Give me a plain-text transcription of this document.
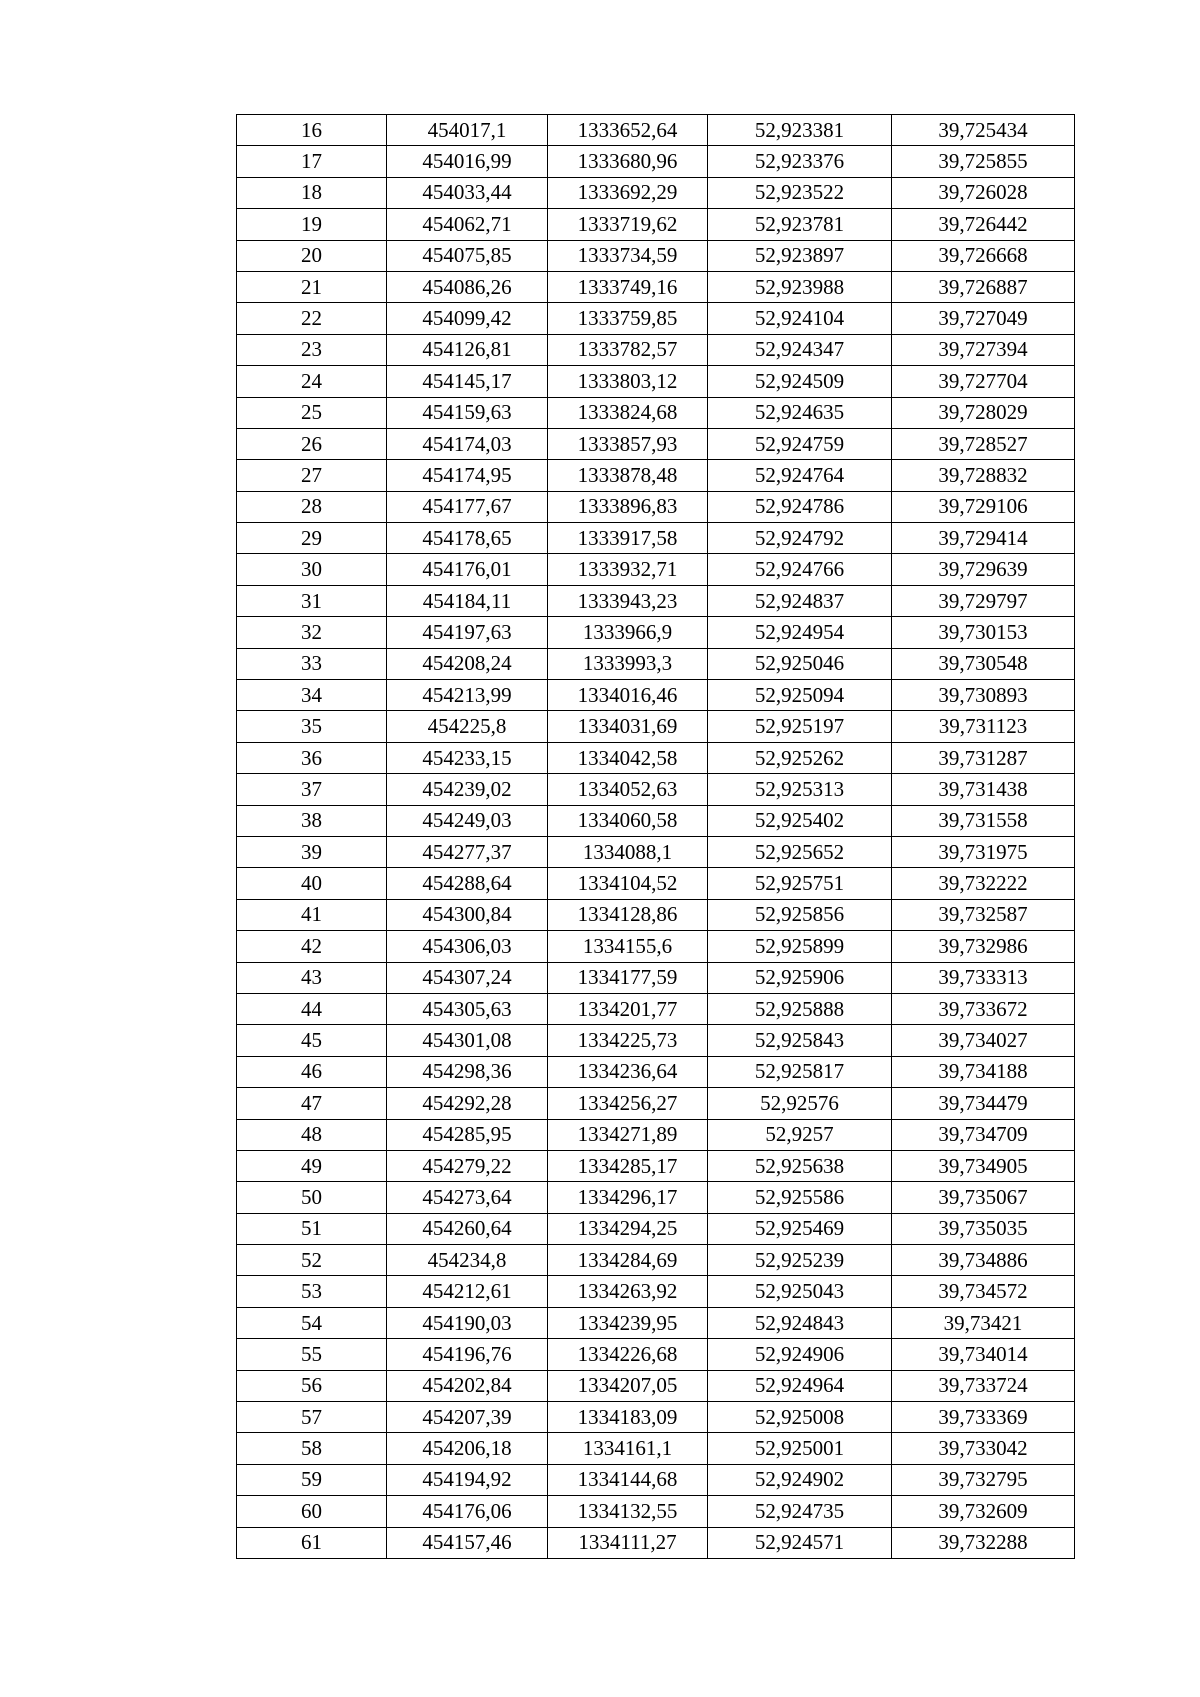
16	454017,1	1333652,64	52,923381	39,725434
17	454016,99	1333680,96	52,923376	39,725855
18	454033,44	1333692,29	52,923522	39,726028
19	454062,71	1333719,62	52,923781	39,726442
20	454075,85	1333734,59	52,923897	39,726668
21	454086,26	1333749,16	52,923988	39,726887
22	454099,42	1333759,85	52,924104	39,727049
23	454126,81	1333782,57	52,924347	39,727394
24	454145,17	1333803,12	52,924509	39,727704
25	454159,63	1333824,68	52,924635	39,728029
26	454174,03	1333857,93	52,924759	39,728527
27	454174,95	1333878,48	52,924764	39,728832
28	454177,67	1333896,83	52,924786	39,729106
29	454178,65	1333917,58	52,924792	39,729414
30	454176,01	1333932,71	52,924766	39,729639
31	454184,11	1333943,23	52,924837	39,729797
32	454197,63	1333966,9	52,924954	39,730153
33	454208,24	1333993,3	52,925046	39,730548
34	454213,99	1334016,46	52,925094	39,730893
35	454225,8	1334031,69	52,925197	39,731123
36	454233,15	1334042,58	52,925262	39,731287
37	454239,02	1334052,63	52,925313	39,731438
38	454249,03	1334060,58	52,925402	39,731558
39	454277,37	1334088,1	52,925652	39,731975
40	454288,64	1334104,52	52,925751	39,732222
41	454300,84	1334128,86	52,925856	39,732587
42	454306,03	1334155,6	52,925899	39,732986
43	454307,24	1334177,59	52,925906	39,733313
44	454305,63	1334201,77	52,925888	39,733672
45	454301,08	1334225,73	52,925843	39,734027
46	454298,36	1334236,64	52,925817	39,734188
47	454292,28	1334256,27	52,92576	39,734479
48	454285,95	1334271,89	52,9257	39,734709
49	454279,22	1334285,17	52,925638	39,734905
50	454273,64	1334296,17	52,925586	39,735067
51	454260,64	1334294,25	52,925469	39,735035
52	454234,8	1334284,69	52,925239	39,734886
53	454212,61	1334263,92	52,925043	39,734572
54	454190,03	1334239,95	52,924843	39,73421
55	454196,76	1334226,68	52,924906	39,734014
56	454202,84	1334207,05	52,924964	39,733724
57	454207,39	1334183,09	52,925008	39,733369
58	454206,18	1334161,1	52,925001	39,733042
59	454194,92	1334144,68	52,924902	39,732795
60	454176,06	1334132,55	52,924735	39,732609
61	454157,46	1334111,27	52,924571	39,732288
